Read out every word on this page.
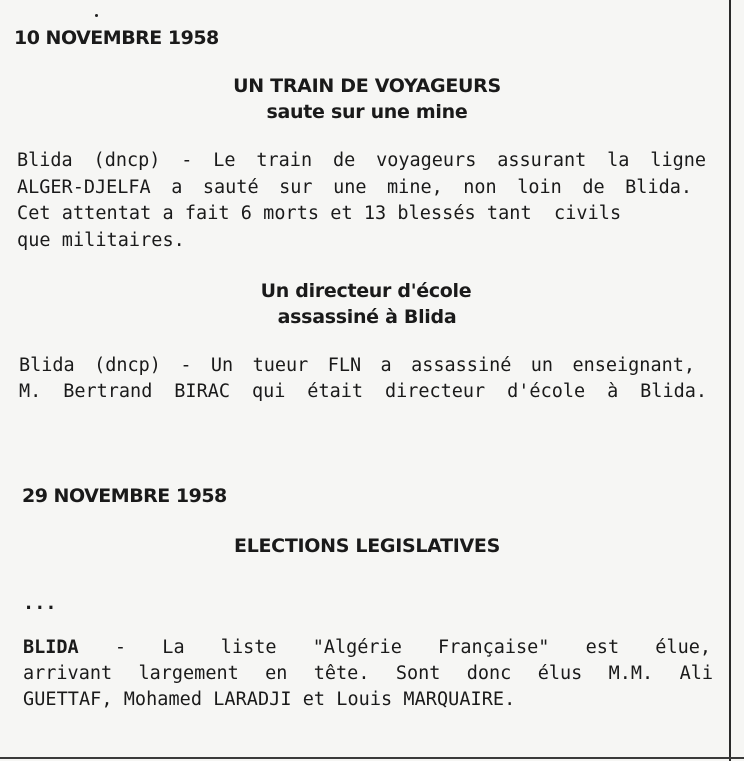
10 NOVEMBRE 1958
UN TRAIN DE VOYAGEURS
saute sur une mine
Blida (dncp) - Le train de voyageurs assurant la ligne
ALGER-DJELFA a sauté sur une mine, non loin de Blida.
Cet attentat a fait 6 morts et 13 blessés tant  civils
que militaires.
Un directeur d'école
assassiné à Blida
Blida (dncp) - Un tueur FLN a assassiné un enseignant,
M. Bertrand BIRAC qui était directeur d'école à Blida.
29 NOVEMBRE 1958
ELECTIONS LEGISLATIVES
...
BLIDA - La liste "Algérie Française" est élue,
arrivant largement en tête. Sont donc élus M.M. Ali
GUETTAF, Mohamed LARADJI et Louis MARQUAIRE.
